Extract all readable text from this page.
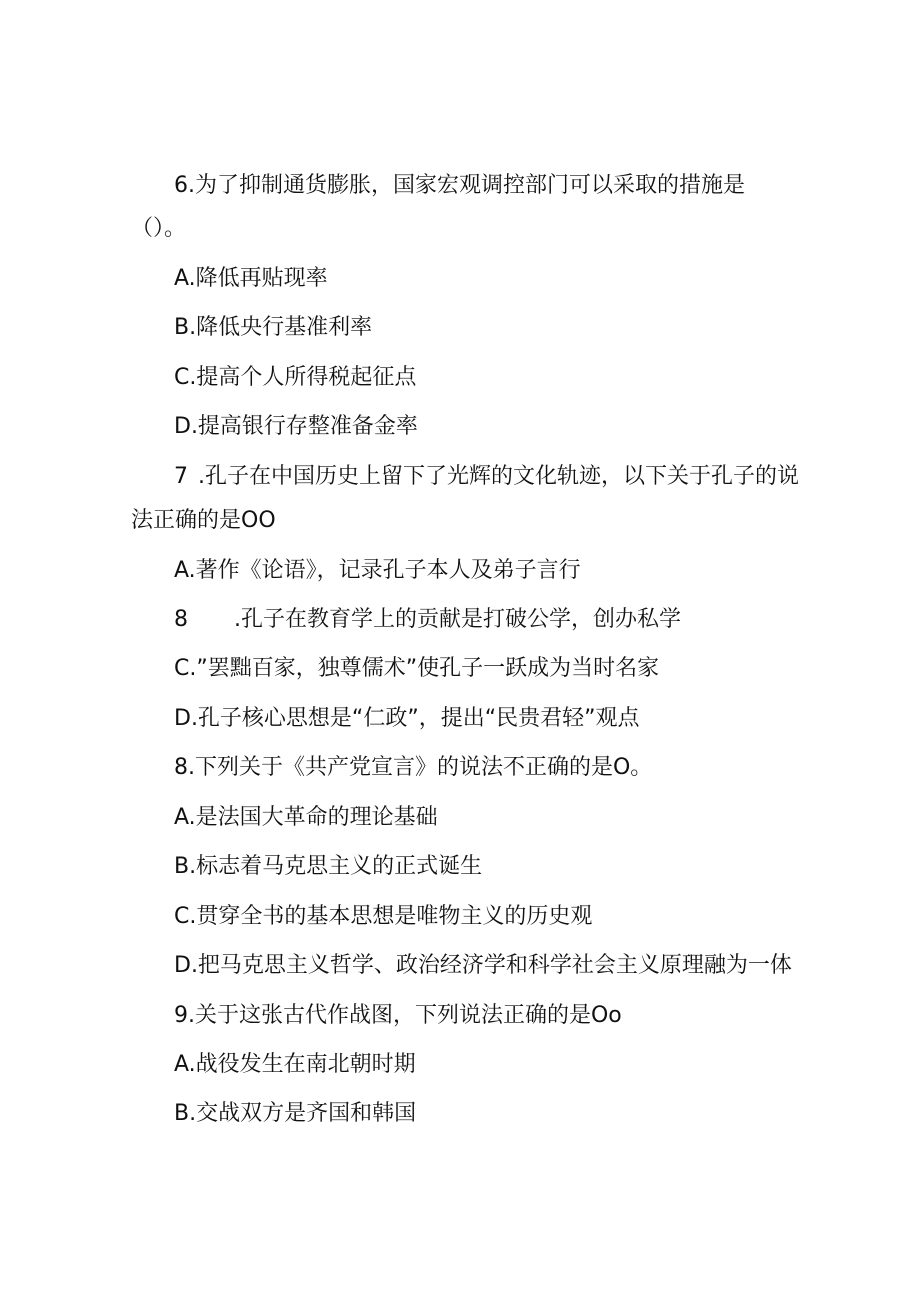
6.为了抑制通货膨胀，国家宏观调控部门可以采取的措施是
（）。
A.降低再贴现率
B.降低央行基准利率
C.提高个人所得税起征点
D.提高银行存整准备金率
7 .孔子在中国历史上留下了光辉的文化轨迹，以下关于孔子的说
法正确的是OO
A.著作《论语》，记录孔子本人及弟子言行
8 .孔子在教育学上的贡献是打破公学，创办私学
C.”罢黜百家，独尊儒术”使孔子一跃成为当时名家
D.孔子核心思想是“仁政”，提出“民贵君轻”观点
8.下列关于《共产党宣言》的说法不正确的是O。
A.是法国大革命的理论基础
B.标志着马克思主义的正式诞生
C.贯穿全书的基本思想是唯物主义的历史观
D.把马克思主义哲学、政治经济学和科学社会主义原理融为一体
9.关于这张古代作战图，下列说法正确的是Oo
A.战役发生在南北朝时期
B.交战双方是齐国和韩国
